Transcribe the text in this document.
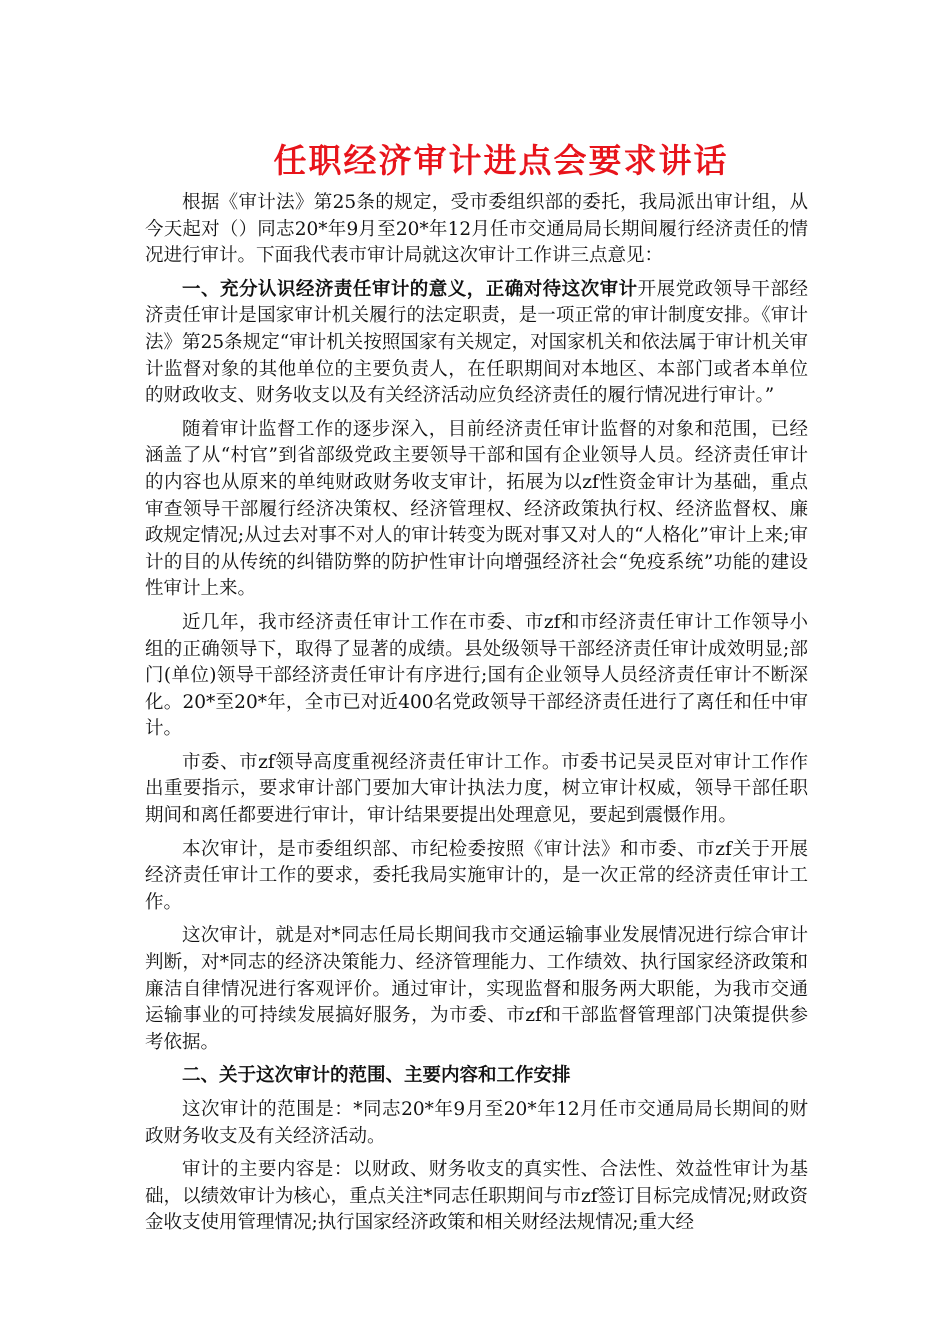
任职经济审计进点会要求讲话

根据《审计法》第25条的规定，受市委组织部的委托，我局派出审计组，从今天起对（）同志20*年9月至20*年12月任市交通局局长期间履行经济责任的情况进行审计。下面我代表市审计局就这次审计工作讲三点意见：

一、充分认识经济责任审计的意义，正确对待这次审计开展党政领导干部经济责任审计是国家审计机关履行的法定职责，是一项正常的审计制度安排。《审计法》第25条规定“审计机关按照国家有关规定，对国家机关和依法属于审计机关审计监督对象的其他单位的主要负责人，在任职期间对本地区、本部门或者本单位的财政收支、财务收支以及有关经济活动应负经济责任的履行情况进行审计。”

随着审计监督工作的逐步深入，目前经济责任审计监督的对象和范围，已经涵盖了从“村官”到省部级党政主要领导干部和国有企业领导人员。经济责任审计的内容也从原来的单纯财政财务收支审计，拓展为以zf性资金审计为基础，重点审查领导干部履行经济决策权、经济管理权、经济政策执行权、经济监督权、廉政规定情况;从过去对事不对人的审计转变为既对事又对人的“人格化”审计上来;审计的目的从传统的纠错防弊的防护性审计向增强经济社会“免疫系统”功能的建设性审计上来。

近几年，我市经济责任审计工作在市委、市zf和市经济责任审计工作领导小组的正确领导下，取得了显著的成绩。县处级领导干部经济责任审计成效明显;部门(单位)领导干部经济责任审计有序进行;国有企业领导人员经济责任审计不断深化。20*至20*年，全市已对近400名党政领导干部经济责任进行了离任和任中审计。

市委、市zf领导高度重视经济责任审计工作。市委书记吴灵臣对审计工作作出重要指示，要求审计部门要加大审计执法力度，树立审计权威，领导干部任职期间和离任都要进行审计，审计结果要提出处理意见，要起到震慑作用。

本次审计，是市委组织部、市纪检委按照《审计法》和市委、市zf关于开展经济责任审计工作的要求，委托我局实施审计的，是一次正常的经济责任审计工作。

这次审计，就是对*同志任局长期间我市交通运输事业发展情况进行综合审计判断，对*同志的经济决策能力、经济管理能力、工作绩效、执行国家经济政策和廉洁自律情况进行客观评价。通过审计，实现监督和服务两大职能，为我市交通运输事业的可持续发展搞好服务，为市委、市zf和干部监督管理部门决策提供参考依据。

二、关于这次审计的范围、主要内容和工作安排

这次审计的范围是：*同志20*年9月至20*年12月任市交通局局长期间的财政财务收支及有关经济活动。

审计的主要内容是：以财政、财务收支的真实性、合法性、效益性审计为基础，以绩效审计为核心，重点关注*同志任职期间与市zf签订目标完成情况;财政资金收支使用管理情况;执行国家经济政策和相关财经法规情况;重大经
